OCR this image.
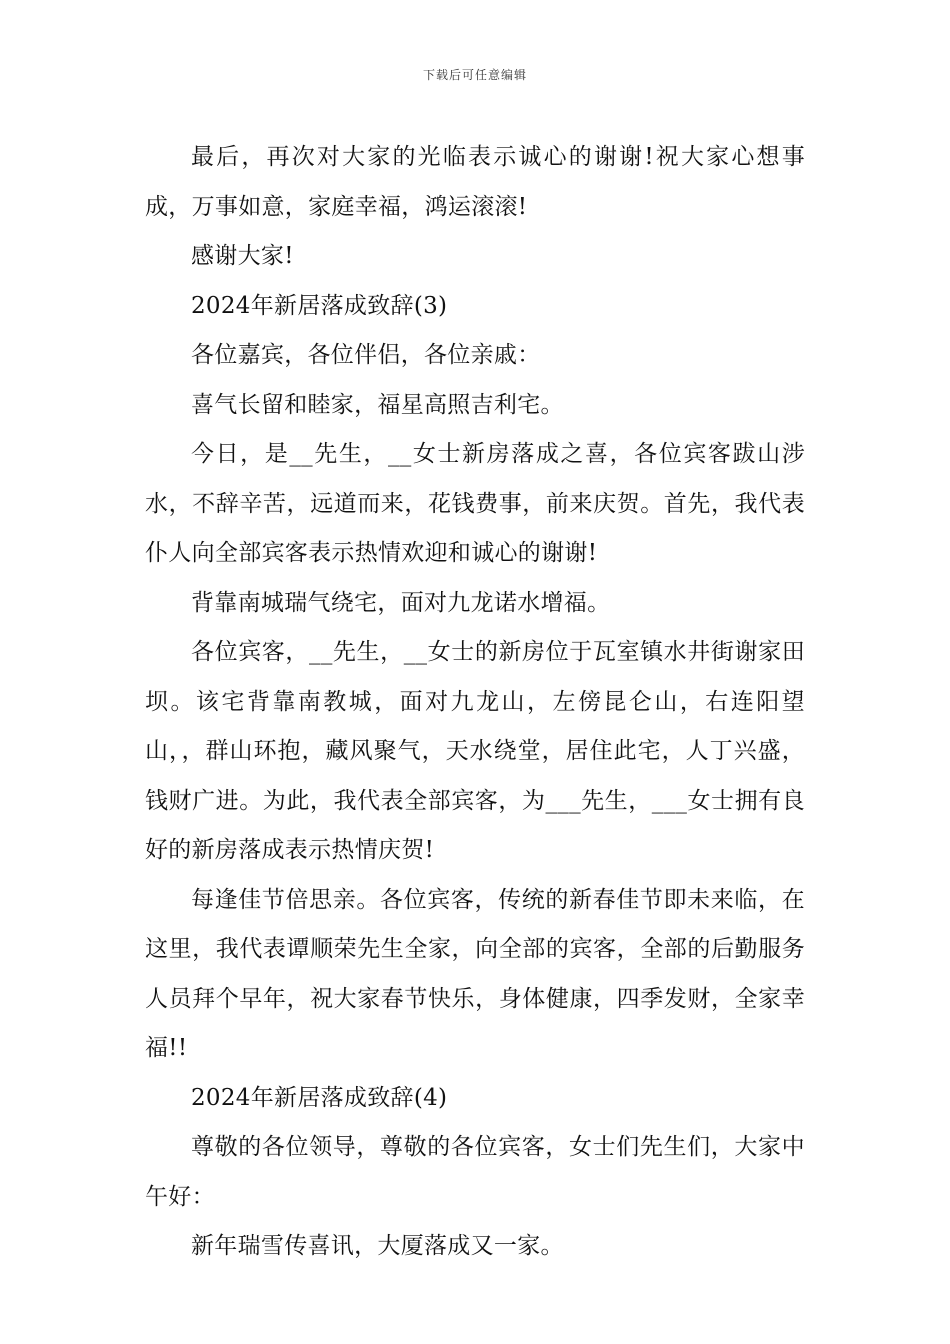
下载后可任意编辑

最后，再次对大家的光临表示诚心的谢谢!祝大家心想事成，万事如意，家庭幸福，鸿运滚滚!

感谢大家!

2024年新居落成致辞(3)

各位嘉宾，各位伴侣，各位亲戚：

喜气长留和睦家，福星高照吉利宅。

今日，是__先生，__女士新房落成之喜，各位宾客跋山涉水，不辞辛苦，远道而来，花钱费事，前来庆贺。首先，我代表仆人向全部宾客表示热情欢迎和诚心的谢谢!

背靠南城瑞气绕宅，面对九龙诺水增福。

各位宾客，__先生，__女士的新房位于瓦室镇水井街谢家田坝。该宅背靠南教城，面对九龙山，左傍昆仑山，右连阳望山，，群山环抱，藏风聚气，天水绕堂，居住此宅，人丁兴盛，钱财广进。为此，我代表全部宾客，为___先生，___女士拥有良好的新房落成表示热情庆贺!

每逢佳节倍思亲。各位宾客，传统的新春佳节即未来临，在这里，我代表谭顺荣先生全家，向全部的宾客，全部的后勤服务人员拜个早年，祝大家春节快乐，身体健康，四季发财，全家幸福!!

2024年新居落成致辞(4)

尊敬的各位领导，尊敬的各位宾客，女士们先生们，大家中午好：

新年瑞雪传喜讯，大厦落成又一家。
